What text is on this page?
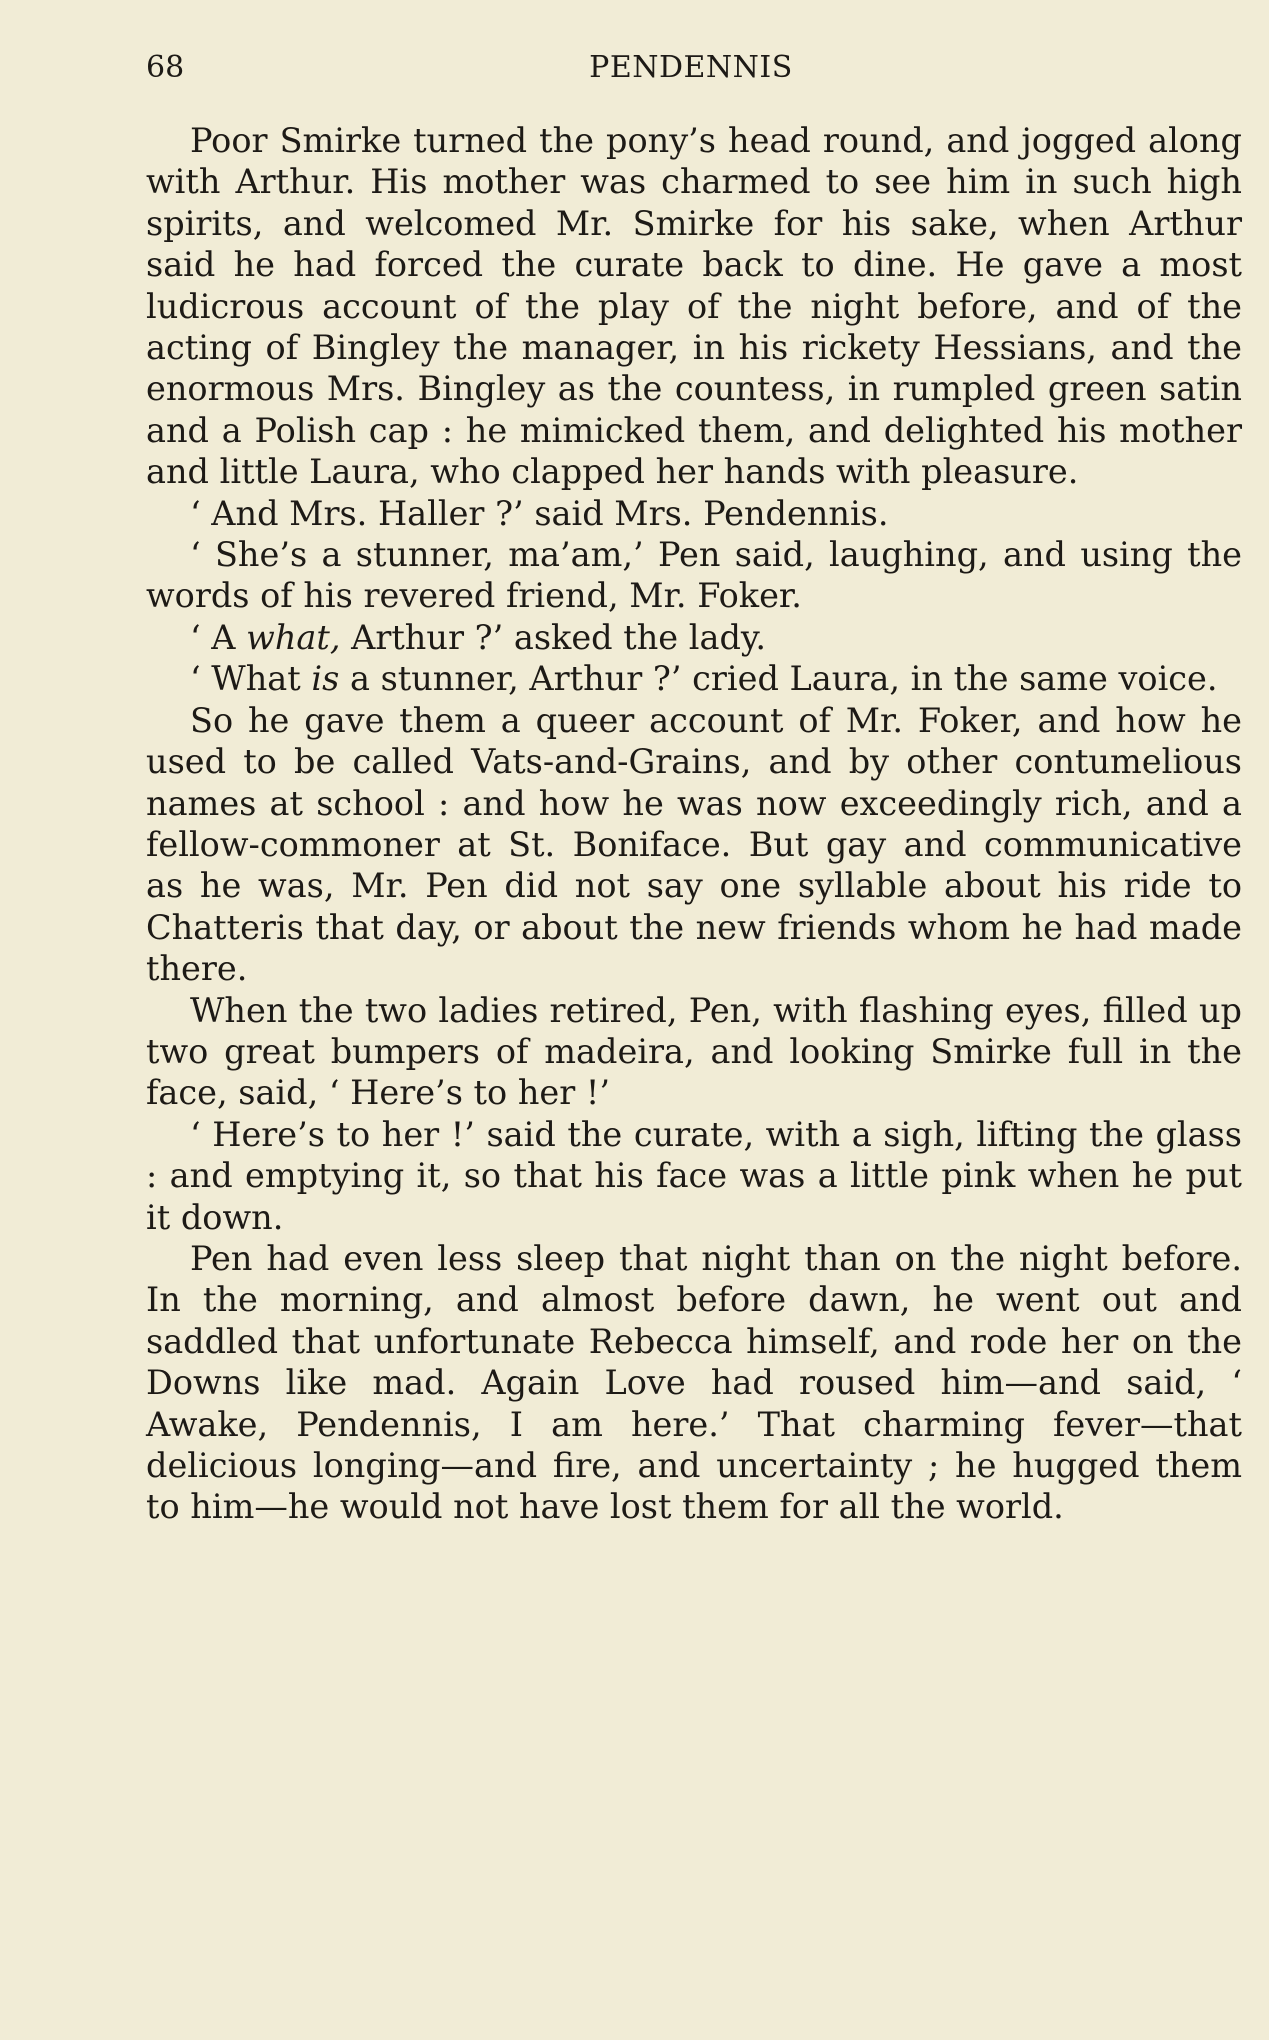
68	PENDENNIS

Poor Smirke turned the pony’s head round, and jogged along with Arthur. His mother was charmed to see him in such high spirits, and welcomed Mr. Smirke for his sake, when Arthur said he had forced the curate back to dine. He gave a most ludicrous account of the play of the night before, and of the acting of Bingley the manager, in his rickety Hessians, and the enormous Mrs. Bingley as the countess, in rumpled green satin and a Polish cap : he mimicked them, and delighted his mother and little Laura, who clapped her hands with pleasure.

‘ And Mrs. Haller ?’ said Mrs. Pendennis.

‘ She’s a stunner, ma’am,’ Pen said, laughing, and using the words of his revered friend, Mr. Foker.

‘ A what, Arthur ?’ asked the lady.

‘ What is a stunner, Arthur ?’ cried Laura, in the same voice.

So he gave them a queer account of Mr. Foker, and how he used to be called Vats-and-Grains, and by other contumelious names at school : and how he was now exceedingly rich, and a fellow-commoner at St. Boniface. But gay and communicative as he was, Mr. Pen did not say one syllable about his ride to Chatteris that day, or about the new friends whom he had made there.

When the two ladies retired, Pen, with flashing eyes, filled up two great bumpers of madeira, and looking Smirke full in the face, said, ‘ Here’s to her !’

‘ Here’s to her !’ said the curate, with a sigh, lifting the glass : and emptying it, so that his face was a little pink when he put it down.

Pen had even less sleep that night than on the night before. In the morning, and almost before dawn, he went out and saddled that unfortunate Rebecca himself, and rode her on the Downs like mad. Again Love had roused him—and said, ‘ Awake, Pendennis, I am here.’ That charming fever—that delicious longing—and fire, and uncertainty ; he hugged them to him—he would not have lost them for all the world.
